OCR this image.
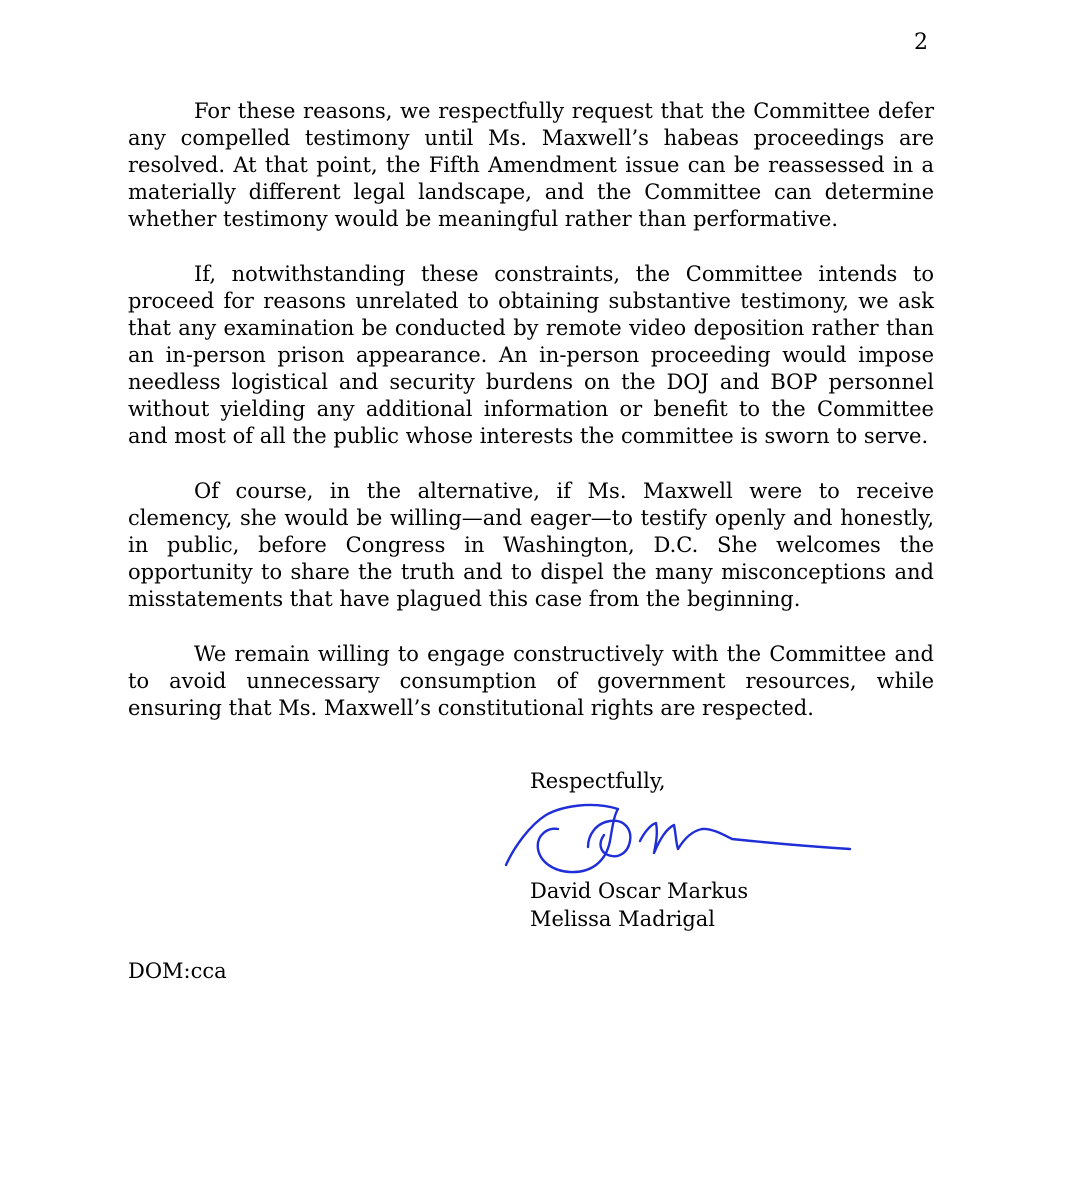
2

For these reasons, we respectfully request that the Committee defer any compelled testimony until Ms. Maxwell’s habeas proceedings are resolved. At that point, the Fifth Amendment issue can be reassessed in a materially different legal landscape, and the Committee can determine whether testimony would be meaningful rather than performative.

If, notwithstanding these constraints, the Committee intends to proceed for reasons unrelated to obtaining substantive testimony, we ask that any examination be conducted by remote video deposition rather than an in-person prison appearance. An in-person proceeding would impose needless logistical and security burdens on the DOJ and BOP personnel without yielding any additional information or benefit to the Committee and most of all the public whose interests the committee is sworn to serve.

Of course, in the alternative, if Ms. Maxwell were to receive clemency, she would be willing—and eager—to testify openly and honestly, in public, before Congress in Washington, D.C. She welcomes the opportunity to share the truth and to dispel the many misconceptions and misstatements that have plagued this case from the beginning.

We remain willing to engage constructively with the Committee and to avoid unnecessary consumption of government resources, while ensuring that Ms. Maxwell’s constitutional rights are respected.

Respectfully,
David Oscar Markus
Melissa Madrigal
DOM:cca
